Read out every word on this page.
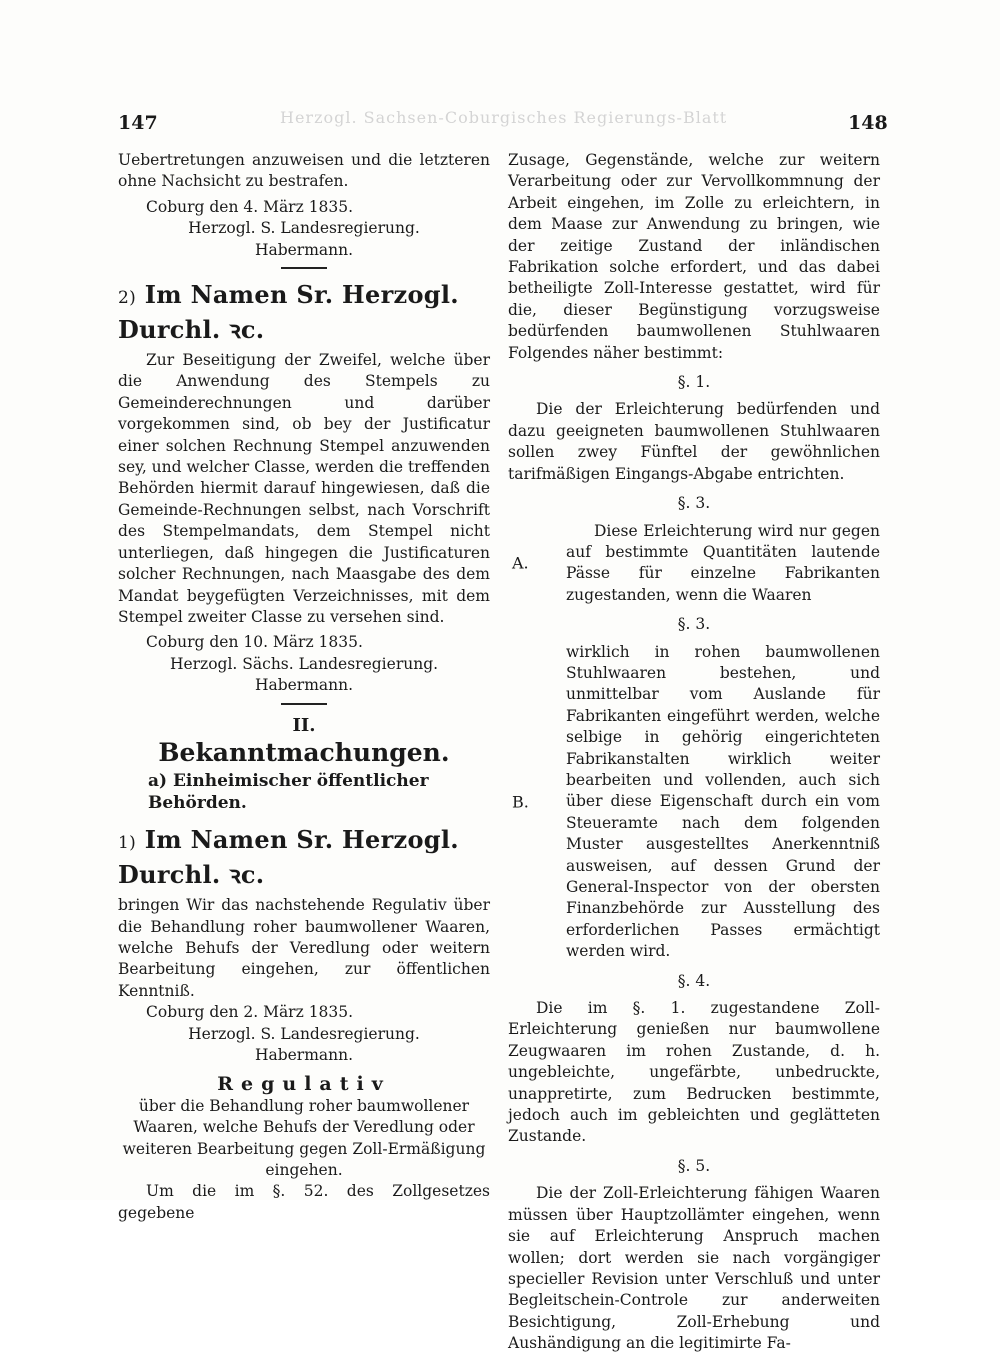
147

Uebertretungen anzuweisen und die letzteren ohne Nachsicht zu bestrafen.

Coburg den 4. März 1835.

Herzogl. S. Landesregierung.

Habermann.

2) Im Namen Sr. Herzogl. Durchl. ꝛc.

Zur Beseitigung der Zweifel, welche über die Anwendung des Stempels zu Gemeinderechnungen und darüber vorgekommen sind, ob bey der Justificatur einer solchen Rechnung Stempel anzuwenden sey, und welcher Classe, werden die treffenden Behörden hiermit darauf hingewiesen, daß die Gemeinde-Rechnungen selbst, nach Vorschrift des Stempelmandats, dem Stempel nicht unterliegen, daß hingegen die Justificaturen solcher Rechnungen, nach Maasgabe des dem Mandat beygefügten Verzeichnisses, mit dem Stempel zweiter Classe zu versehen sind.

Coburg den 10. März 1835.

Herzogl. Sächs. Landesregierung.

Habermann.

II.

Bekanntmachungen.

a) Einheimischer öffentlicher Behörden.

1) Im Namen Sr. Herzogl. Durchl. ꝛc.

bringen Wir das nachstehende Regulativ über die Behandlung roher baumwollener Waaren, welche Behufs der Veredlung oder weitern Bearbeitung eingehen, zur öffentlichen Kenntniß.

Coburg den 2. März 1835.

Herzogl. S. Landesregierung.

Habermann.

Regulativ

über die Behandlung roher baumwollener Waaren, welche Behufs der Veredlung oder weiteren Bearbeitung gegen Zoll-Ermäßigung eingehen.

Um die im §. 52. des Zollgesetzes gegebene

Herzogl. Sachsen-Coburgisches Regierungs-Blatt	148

Zusage, Gegenstände, welche zur weitern Verarbeitung oder zur Vervollkommnung der Arbeit eingehen, im Zolle zu erleichtern, in dem Maase zur Anwendung zu bringen, wie der zeitige Zustand der inländischen Fabrikation solche erfordert, und das dabei betheiligte Zoll-Interesse gestattet, wird für die, dieser Begünstigung vorzugsweise bedürfenden baumwollenen Stuhlwaaren Folgendes näher bestimmt:

§. 1.

Die der Erleichterung bedürfenden und dazu geeigneten baumwollenen Stuhlwaaren sollen zwey Fünftel der gewöhnlichen tarifmäßigen Eingangs-Abgabe entrichten.

§. 3.

A.

Diese Erleichterung wird nur gegen auf bestimmte Quantitäten lautende Pässe für einzelne Fabrikanten zugestanden, wenn die Waaren

§. 3.

B.

wirklich in rohen baumwollenen Stuhlwaaren bestehen, und unmittelbar vom Auslande für Fabrikanten eingeführt werden, welche selbige in gehörig eingerichteten Fabrikanstalten wirklich weiter bearbeiten und vollenden, auch sich über diese Eigenschaft durch ein vom Steueramte nach dem folgenden Muster ausgestelltes Anerkenntniß ausweisen, auf dessen Grund der General-Inspector von der obersten Finanzbehörde zur Ausstellung des erforderlichen Passes ermächtigt werden wird.

§. 4.

Die im §. 1. zugestandene Zoll-Erleichterung genießen nur baumwollene Zeugwaaren im rohen Zustande, d. h. ungebleichte, ungefärbte, unbedruckte, unappretirte, zum Bedrucken bestimmte, jedoch auch im gebleichten und geglätteten Zustande.

§. 5.

Die der Zoll-Erleichterung fähigen Waaren müssen über Hauptzollämter eingehen, wenn sie auf Erleichterung Anspruch machen wollen; dort werden sie nach vorgängiger specieller Revision unter Verschluß und unter Begleitschein-Controle zur anderweiten Besichtigung, Zoll-Erhebung und Aushändigung an die legitimirte Fa-
